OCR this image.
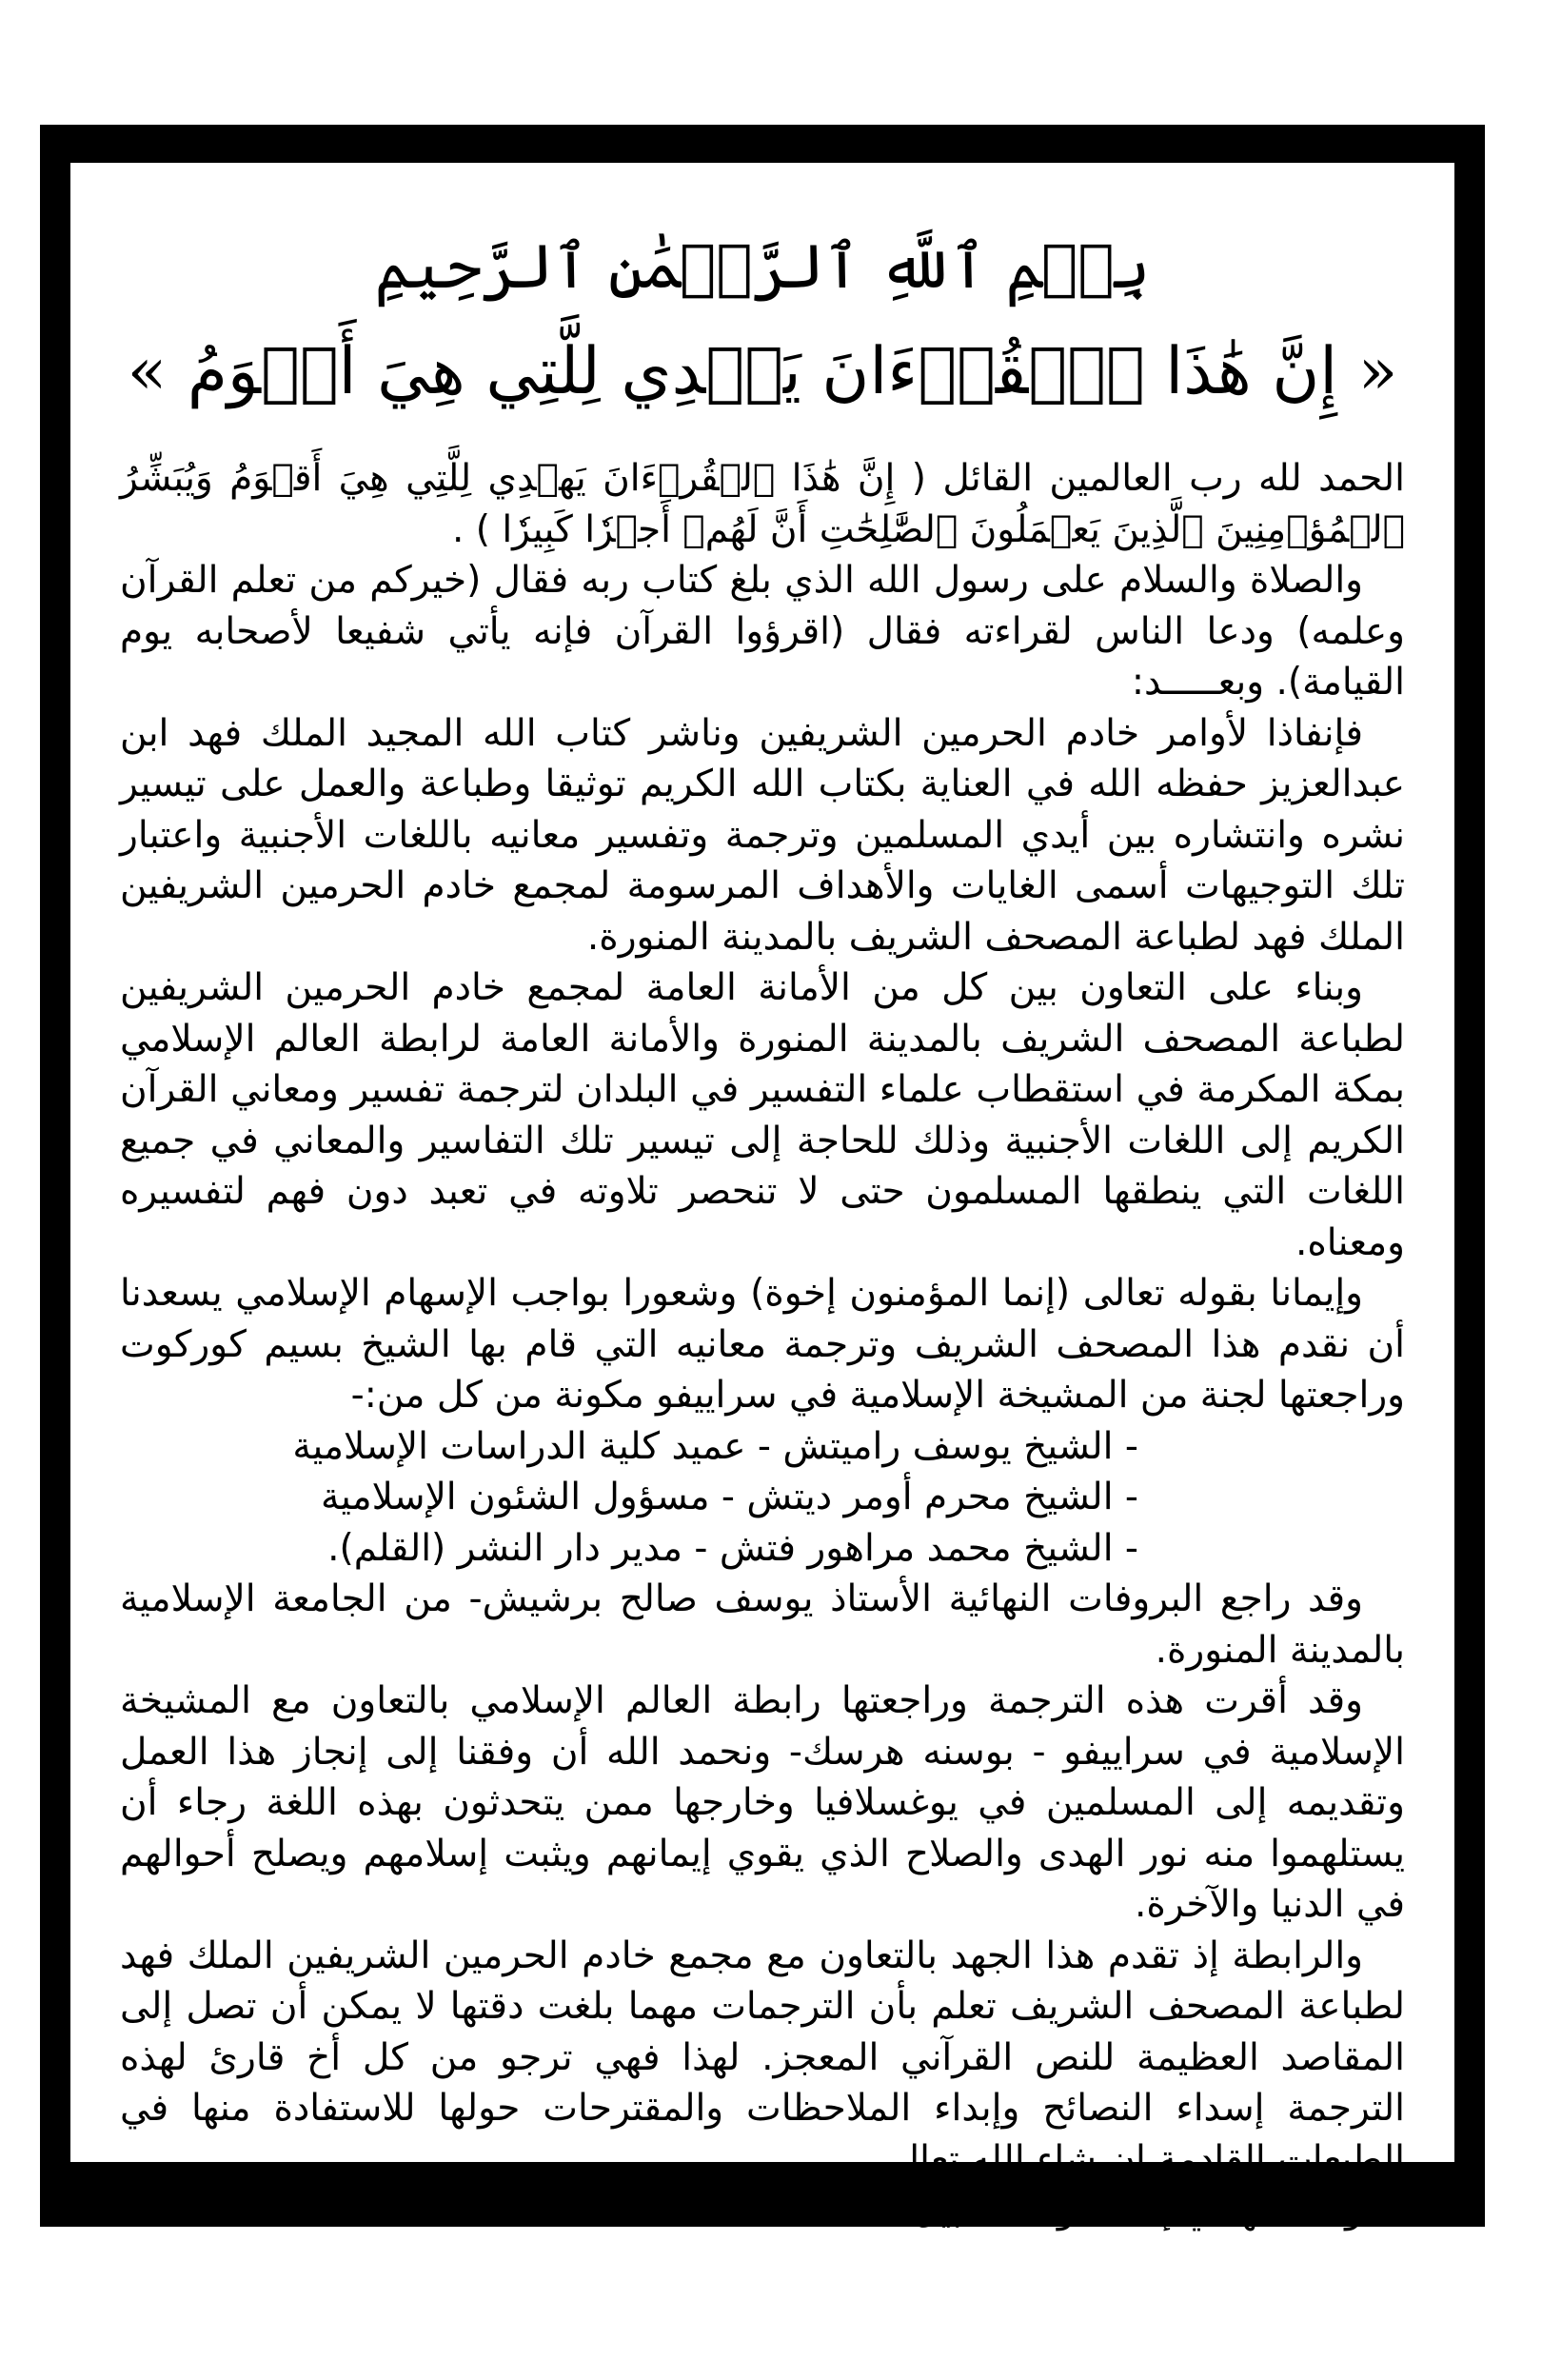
بِسۡمِ ٱللَّهِ ٱلرَّحۡمَٰنِ ٱلرَّحِيمِ
« إِنَّ هَٰذَا ٱلۡقُرۡءَانَ يَهۡدِي لِلَّتِي هِيَ أَقۡوَمُ »

الحمد لله رب العالمين القائل ( إِنَّ هَٰذَا ٱلۡقُرۡءَانَ يَهۡدِي لِلَّتِي هِيَ أَقۡوَمُ وَيُبَشِّرُ ٱلۡمُؤۡمِنِينَ ٱلَّذِينَ يَعۡمَلُونَ ٱلصَّٰلِحَٰتِ أَنَّ لَهُمۡ أَجۡرٗا كَبِيرٗا ) .

والصلاة والسلام على رسول الله الذي بلغ كتاب ربه فقال (خيركم من تعلم القرآن وعلمه) ودعا الناس لقراءته فقال (اقرؤوا القرآن فإنه يأتي شفيعا لأصحابه يوم القيامة). وبعـــــد:

فإنفاذا لأوامر خادم الحرمين الشريفين وناشر كتاب الله المجيد الملك فهد ابن عبدالعزيز حفظه الله في العناية بكتاب الله الكريم توثيقا وطباعة والعمل على تيسير نشره وانتشاره بين أيدي المسلمين وترجمة وتفسير معانيه باللغات الأجنبية واعتبار تلك التوجيهات أسمى الغايات والأهداف المرسومة لمجمع خادم الحرمين الشريفين الملك فهد لطباعة المصحف الشريف بالمدينة المنورة.

وبناء على التعاون بين كل من الأمانة العامة لمجمع خادم الحرمين الشريفين لطباعة المصحف الشريف بالمدينة المنورة والأمانة العامة لرابطة العالم الإسلامي بمكة المكرمة في استقطاب علماء التفسير في البلدان لترجمة تفسير ومعاني القرآن الكريم إلى اللغات الأجنبية وذلك للحاجة إلى تيسير تلك التفاسير والمعاني في جميع اللغات التي ينطقها المسلمون حتى لا تنحصر تلاوته في تعبد دون فهم لتفسيره ومعناه.

وإيمانا بقوله تعالى (إنما المؤمنون إخوة) وشعورا بواجب الإسهام الإسلامي يسعدنا أن نقدم هذا المصحف الشريف وترجمة معانيه التي قام بها الشيخ بسيم كوركوت وراجعتها لجنة من المشيخة الإسلامية في سراييفو مكونة من كل من:-

- الشيخ يوسف راميتش - عميد كلية الدراسات الإسلامية
- الشيخ محرم أومر ديتش - مسؤول الشئون الإسلامية
- الشيخ محمد مراهور فتش - مدير دار النشر (القلم).

وقد راجع البروفات النهائية الأستاذ يوسف صالح برشيش- من الجامعة الإسلامية بالمدينة المنورة.

وقد أقرت هذه الترجمة وراجعتها رابطة العالم الإسلامي بالتعاون مع المشيخة الإسلامية في سراييفو - بوسنه هرسك- ونحمد الله أن وفقنا إلى إنجاز هذا العمل وتقديمه إلى المسلمين في يوغسلافيا وخارجها ممن يتحدثون بهذه اللغة رجاء أن يستلهموا منه نور الهدى والصلاح الذي يقوي إيمانهم ويثبت إسلامهم ويصلح أحوالهم في الدنيا والآخرة.

والرابطة إذ تقدم هذا الجهد بالتعاون مع مجمع خادم الحرمين الشريفين الملك فهد لطباعة المصحف الشريف تعلم بأن الترجمات مهما بلغت دقتها لا يمكن أن تصل إلى المقاصد العظيمة للنص القرآني المعجز. لهذا فهي ترجو من كل أخ قارئ لهذه الترجمة إسداء النصائح وإبداء الملاحظات والمقترحات حولها للاستفادة منها في الطبعات القادمة إن شاء الله تعالى.

والله الهادي إلى سواء السبيل.
